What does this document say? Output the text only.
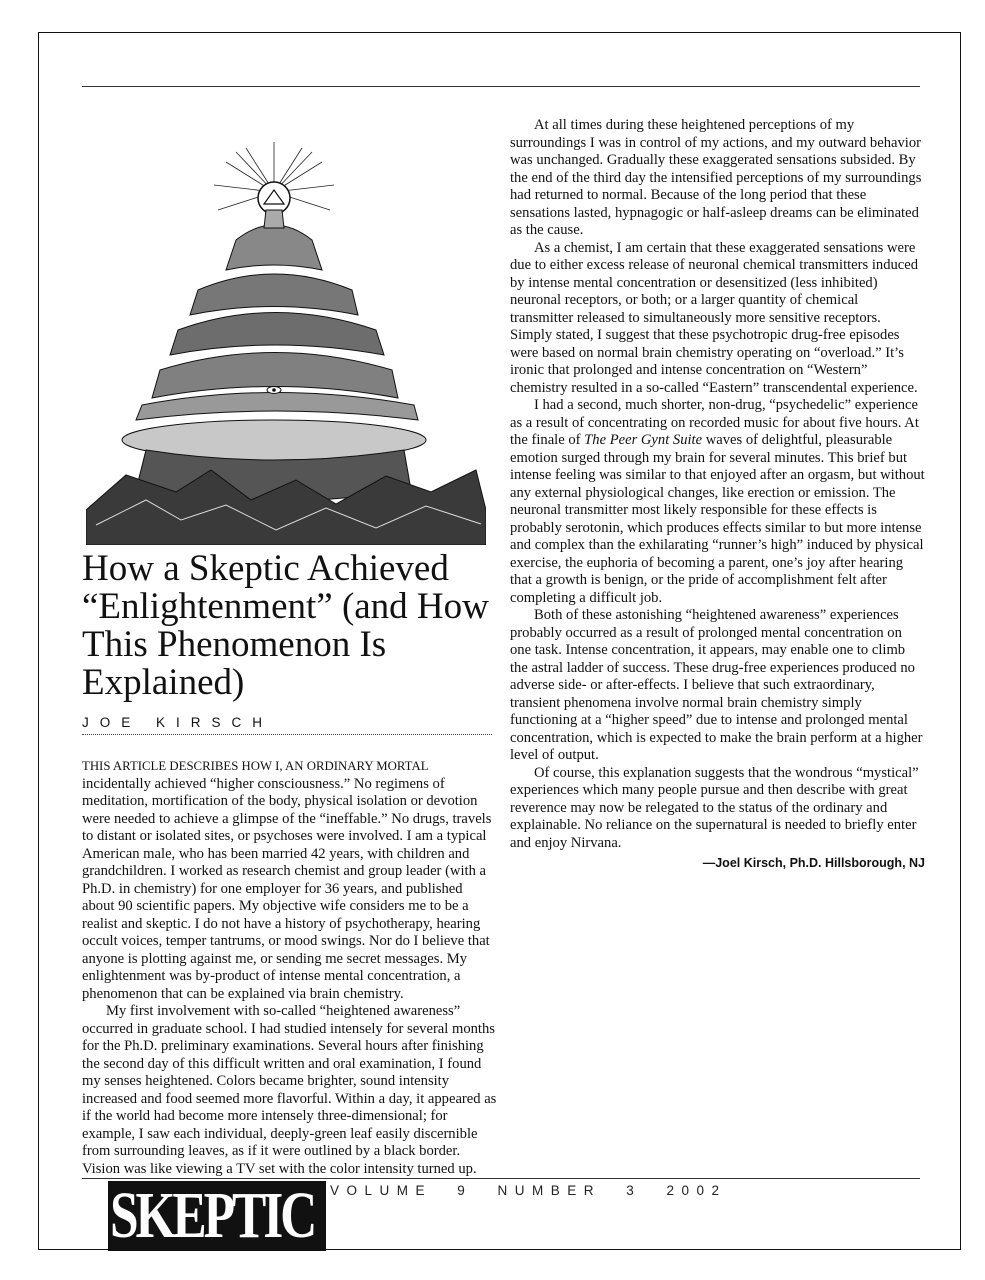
How a Skeptic Achieved “Enlightenment” (and How This Phenomenon Is Explained)
JOE KIRSCH

THIS ARTICLE DESCRIBES HOW I, AN ORDINARY MORTAL incidentally achieved “higher consciousness.” No regimens of meditation, mortification of the body, physical isolation or devotion were needed to achieve a glimpse of the “ineffable.” No drugs, travels to distant or isolated sites, or psychoses were involved. I am a typical American male, who has been married 42 years, with children and grandchildren. I worked as research chemist and group leader (with a Ph.D. in chemistry) for one employer for 36 years, and published about 90 scientific papers. My objective wife considers me to be a realist and skeptic. I do not have a history of psychotherapy, hearing occult voices, temper tantrums, or mood swings. Nor do I believe that anyone is plotting against me, or sending me secret messages. My enlightenment was by-product of intense mental concentration, a phenomenon that can be explained via brain chemistry.

My first involvement with so-called “heightened awareness” occurred in graduate school. I had studied intensely for several months for the Ph.D. preliminary examinations. Several hours after finishing the second day of this difficult written and oral examination, I found my senses heightened. Colors became brighter, sound intensity increased and food seemed more flavorful. Within a day, it appeared as if the world had become more intensely three-dimensional; for example, I saw each individual, deeply-green leaf easily discernible from surrounding leaves, as if it were outlined by a black border. Vision was like viewing a TV set with the color intensity turned up.

At all times during these heightened perceptions of my surroundings I was in control of my actions, and my outward behavior was unchanged. Gradually these exaggerated sensations subsided. By the end of the third day the intensified perceptions of my surroundings had returned to normal. Because of the long period that these sensations lasted, hypnagogic or half-asleep dreams can be eliminated as the cause.

As a chemist, I am certain that these exaggerated sensations were due to either excess release of neuronal chemical transmitters induced by intense mental concentration or desensitized (less inhibited) neuronal receptors, or both; or a larger quantity of chemical transmitter released to simultaneously more sensitive receptors. Simply stated, I suggest that these psychotropic drug-free episodes were based on normal brain chemistry operating on “overload.” It’s ironic that prolonged and intense concentration on “Western” chemistry resulted in a so-called “Eastern” transcendental experience.

I had a second, much shorter, non-drug, “psychedelic” experience as a result of concentrating on recorded music for about five hours. At the finale of The Peer Gynt Suite waves of delightful, pleasurable emotion surged through my brain for several minutes. This brief but intense feeling was similar to that enjoyed after an orgasm, but without any external physiological changes, like erection or emission. The neuronal transmitter most likely responsible for these effects is probably serotonin, which produces effects similar to but more intense and complex than the exhilarating “runner’s high” induced by physical exercise, the euphoria of becoming a parent, one’s joy after hearing that a growth is benign, or the pride of accomplishment felt after completing a difficult job.

Both of these astonishing “heightened awareness” experiences probably occurred as a result of prolonged mental concentration on one task. Intense concentration, it appears, may enable one to climb the astral ladder of success. These drug-free experiences produced no adverse side- or after-effects. I believe that such extraordinary, transient phenomena involve normal brain chemistry simply functioning at a “higher speed” due to intense and prolonged mental concentration, which is expected to make the brain perform at a higher level of output.

Of course, this explanation suggests that the wondrous “mystical” experiences which many people pursue and then describe with great reverence may now be relegated to the status of the ordinary and explainable. No reliance on the supernatural is needed to briefly enter and enjoy Nirvana.

—Joel Kirsch, Ph.D. Hillsborough, NJ

SKEPTIC VOLUME 9 NUMBER 3 2002
